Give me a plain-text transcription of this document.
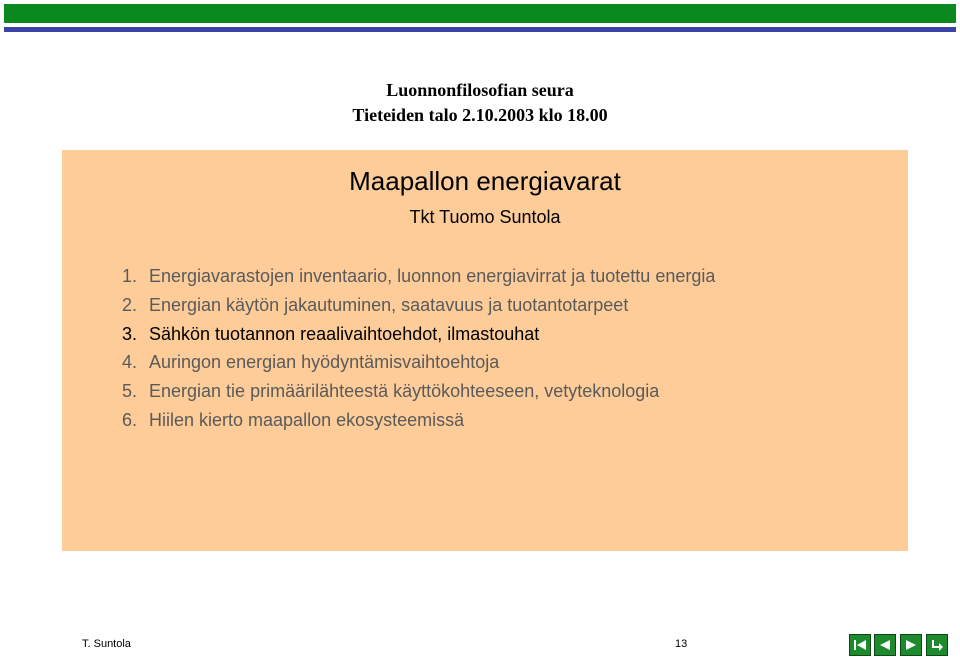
Luonnonfilosofian seura
Tieteiden talo 2.10.2003 klo 18.00
Maapallon energiavarat
Tkt Tuomo Suntola
1. Energiavarastojen inventaario, luonnon energiavirrat ja tuotettu energia
2. Energian käytön jakautuminen, saatavuus ja tuotantotarpeet
3. Sähkön tuotannon reaalivaihtoehdot, ilmastouhat
4. Auringon energian hyödyntämisvaihtoehtoja
5. Energian tie primäärilähteestä käyttökohteeseen, vetyteknologia
6. Hiilen kierto maapallon ekosysteemissä
T. Suntola	13
